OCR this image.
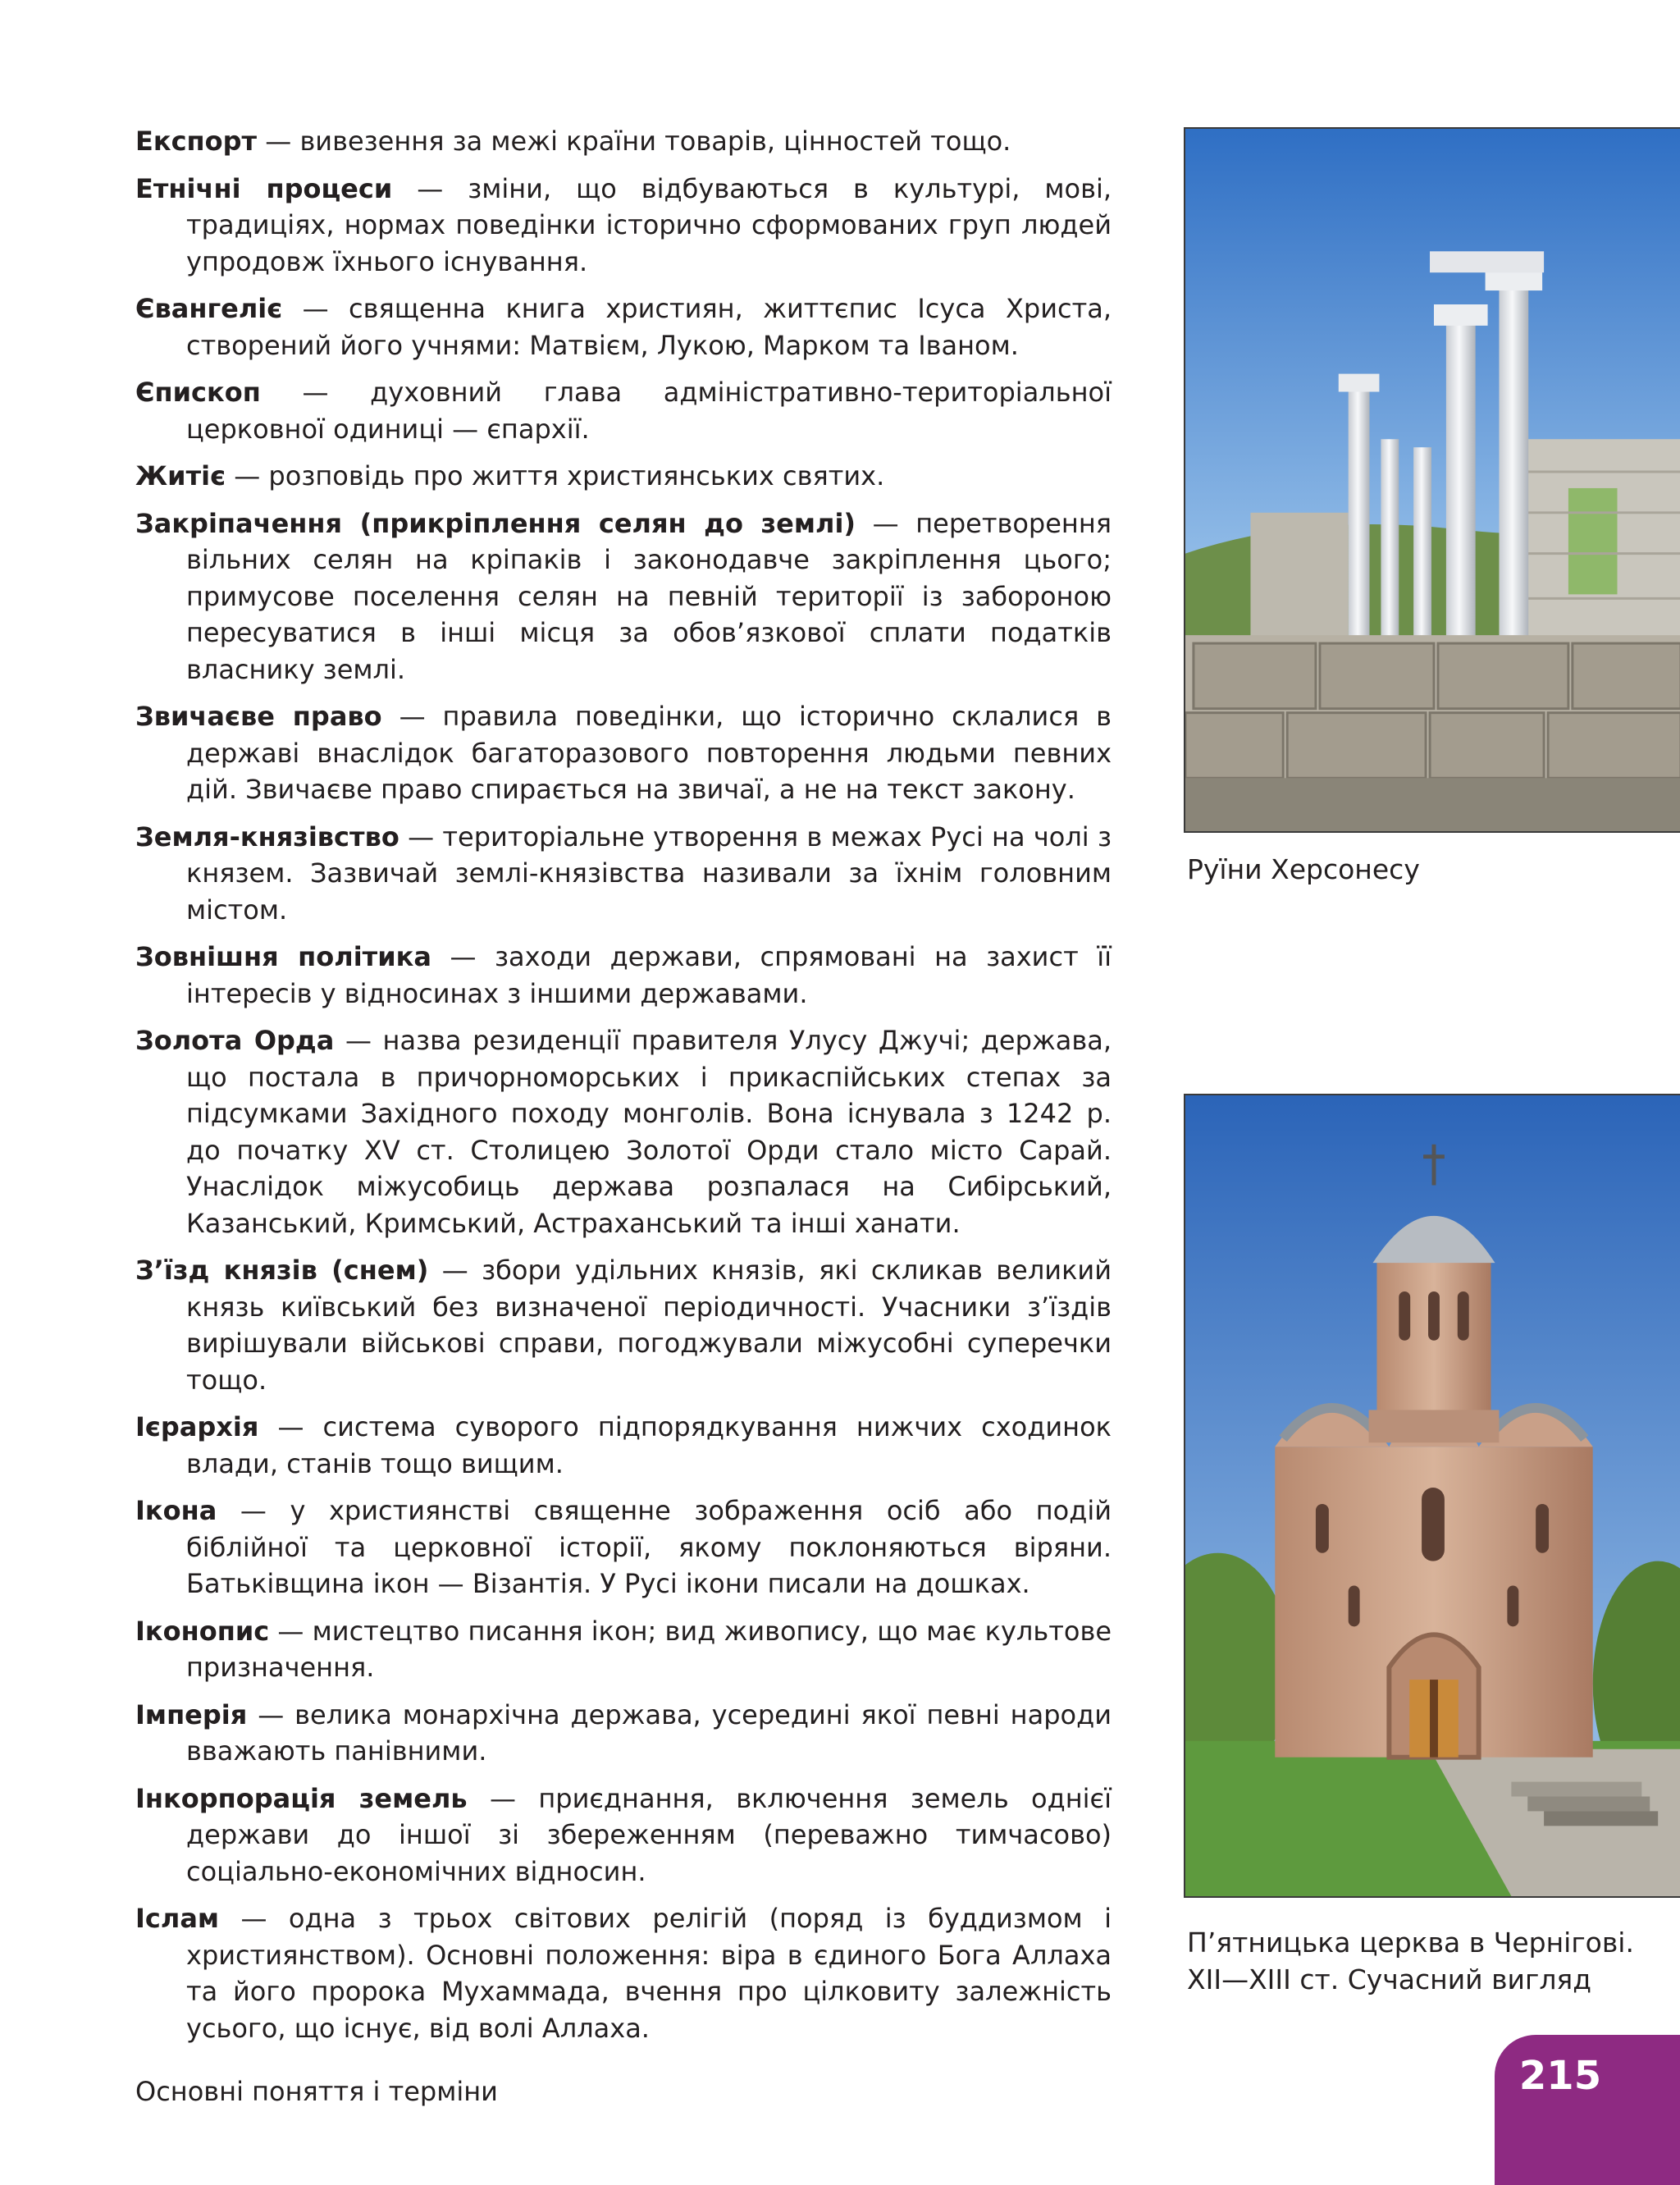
Експорт — вивезення за межі країни товарів, цінностей тощо.

Етнічні процеси — зміни, що відбуваються в культурі, мові, традиціях, нормах поведінки історично сформованих груп людей упродовж їхнього існування.

Євангеліє — священна книга християн, життєпис Ісуса Христа, створений його учнями: Матвієм, Лукою, Марком та Іваном.

Єпископ — духовний глава адміністративно-територіальної церковної одиниці — єпархії.

Житіє — розповідь про життя християнських святих.

Закріпачення (прикріплення селян до землі) — перетворення вільних селян на кріпаків і законодавче закріплення цього; примусове поселення селян на певній території із забороною пересуватися в інші місця за обов’язкової сплати податків власнику землі.

Звичаєве право — правила поведінки, що історично склалися в державі внаслідок багаторазового повторення людьми певних дій. Звичаєве право спирається на звичаї, а не на текст закону.

Земля-князівство — територіальне утворення в межах Русі на чолі з князем. Зазвичай землі-князівства називали за їхнім головним містом.

Зовнішня політика — заходи держави, спрямовані на захист її інтересів у відносинах з іншими державами.

Золота Орда — назва резиденції правителя Улусу Джучі; держава, що постала в причорноморських і прикаспійських степах за підсумками Західного походу монголів. Вона існувала з 1242 р. до початку XV ст. Столицею Золотої Орди стало місто Сарай. Унаслідок міжусобиць держава розпалася на Сибірський, Казанський, Кримський, Астраханський та інші ханати.

З’їзд князів (снем) — збори удільних князів, які скликав великий князь київський без визначеної періодичності. Учасники з’їздів вирішували військові справи, погоджували міжусобні суперечки тощо.

Ієрархія — система суворого підпорядкування нижчих сходинок влади, станів тощо вищим.

Ікона — у християнстві священне зображення осіб або подій біблійної та церковної історії, якому поклоняються віряни. Батьківщина ікон — Візантія. У Русі ікони писали на дошках.

Іконопис — мистецтво писання ікон; вид живопису, що має культове призначення.

Імперія — велика монархічна держава, усередині якої певні народи вважають панівними.

Інкорпорація земель — приєднання, включення земель однієї держави до іншої зі збереженням (переважно тимчасово) соціально-економічних відносин.

Іслам — одна з трьох світових релігій (поряд із буддизмом і християнством). Основні положення: віра в єдиного Бога Аллаха та його пророка Мухаммада, вчення про цілковиту залежність усього, що існує, від волі Аллаха.

Руїни Херсонесу
П’ятницька церква в Чернігові.
XII—XIII ст. Сучасний вигляд
Основні поняття і терміни	215
